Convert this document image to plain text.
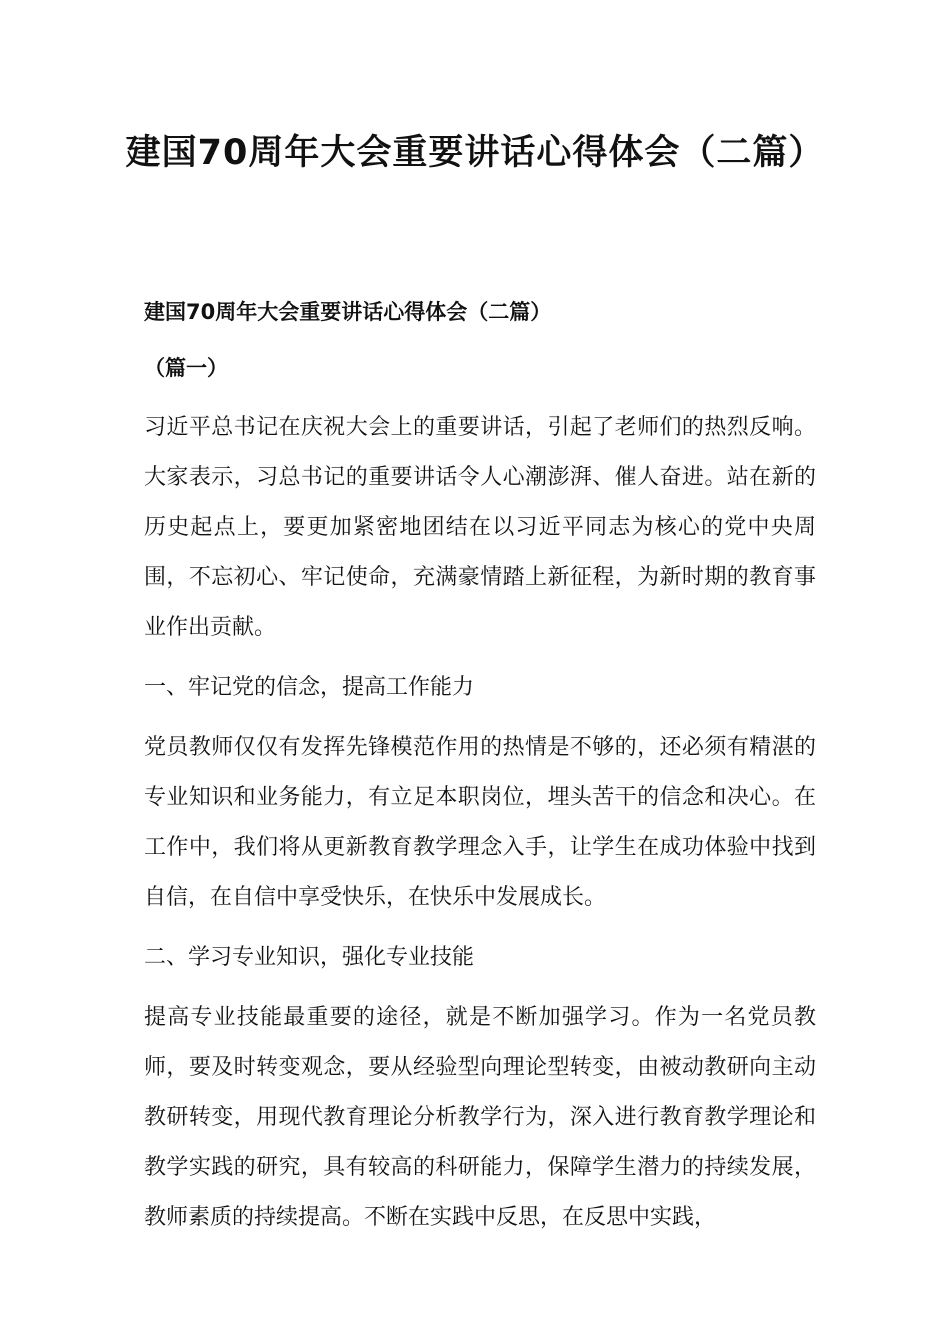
建国70周年大会重要讲话心得体会（二篇）
建国70周年大会重要讲话心得体会（二篇）
（篇一）

习近平总书记在庆祝大会上的重要讲话，引起了老师们的热烈反响。大家表示，习总书记的重要讲话令人心潮澎湃、催人奋进。站在新的历史起点上，要更加紧密地团结在以习近平同志为核心的党中央周围，不忘初心、牢记使命，充满豪情踏上新征程，为新时期的教育事业作出贡献。

一、牢记党的信念，提高工作能力

党员教师仅仅有发挥先锋模范作用的热情是不够的，还必须有精湛的专业知识和业务能力，有立足本职岗位，埋头苦干的信念和决心。在工作中，我们将从更新教育教学理念入手，让学生在成功体验中找到自信，在自信中享受快乐，在快乐中发展成长。

二、学习专业知识，强化专业技能

提高专业技能最重要的途径，就是不断加强学习。作为一名党员教师，要及时转变观念，要从经验型向理论型转变，由被动教研向主动教研转变，用现代教育理论分析教学行为，深入进行教育教学理论和教学实践的研究，具有较高的科研能力，保障学生潜力的持续发展，教师素质的持续提高。不断在实践中反思，在反思中实践，
